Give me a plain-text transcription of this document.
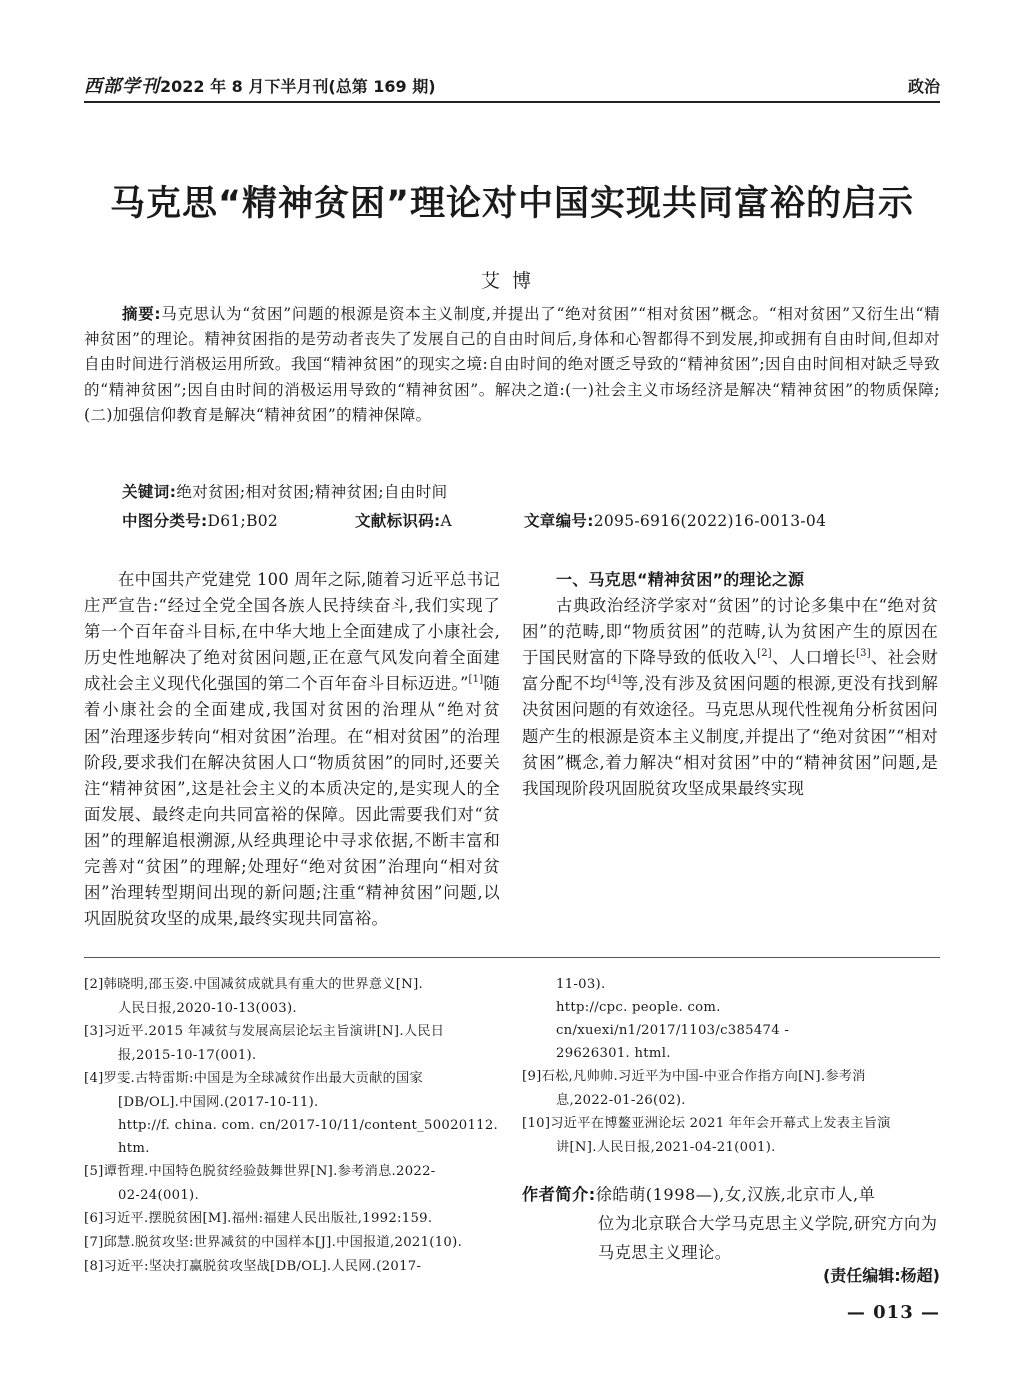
西部学刊 2022 年 8 月下半月刊(总第 169 期)	政治
马克思“精神贫困”理论对中国实现共同富裕的启示
艾博
摘要:马克思认为“贫困”问题的根源是资本主义制度,并提出了“绝对贫困”“相对贫困”概念。“相对贫困”又衍生出“精神贫困”的理论。精神贫困指的是劳动者丧失了发展自己的自由时间后,身体和心智都得不到发展,抑或拥有自由时间,但却对自由时间进行消极运用所致。我国“精神贫困”的现实之境:自由时间的绝对匮乏导致的“精神贫困”;因自由时间相对缺乏导致的“精神贫困”;因自由时间的消极运用导致的“精神贫困”。解决之道:(一)社会主义市场经济是解决“精神贫困”的物质保障;(二)加强信仰教育是解决“精神贫困”的精神保障。
关键词:绝对贫困;相对贫困;精神贫困;自由时间
中图分类号:D61;B02	文献标识码:A	文章编号:2095-6916(2022)16-0013-04

在中国共产党建党 100 周年之际,随着习近平总书记庄严宣告:“经过全党全国各族人民持续奋斗,我们实现了第一个百年奋斗目标,在中华大地上全面建成了小康社会,历史性地解决了绝对贫困问题,正在意气风发向着全面建成社会主义现代化强国的第二个百年奋斗目标迈进。”[1]随着小康社会的全面建成,我国对贫困的治理从“绝对贫困”治理逐步转向“相对贫困”治理。在“相对贫困”的治理阶段,要求我们在解决贫困人口“物质贫困”的同时,还要关注“精神贫困”,这是社会主义的本质决定的,是实现人的全面发展、最终走向共同富裕的保障。因此需要我们对“贫困”的理解追根溯源,从经典理论中寻求依据,不断丰富和完善对“贫困”的理解;处理好“绝对贫困”治理向“相对贫困”治理转型期间出现的新问题;注重“精神贫困”问题,以巩固脱贫攻坚的成果,最终实现共同富裕。

一、马克思“精神贫困”的理论之源

古典政治经济学家对“贫困”的讨论多集中在“绝对贫困”的范畴,即“物质贫困”的范畴,认为贫困产生的原因在于国民财富的下降导致的低收入[2]、人口增长[3]、社会财富分配不均[4]等,没有涉及贫困问题的根源,更没有找到解决贫困问题的有效途径。马克思从现代性视角分析贫困问题产生的根源是资本主义制度,并提出了“绝对贫困”“相对贫困”概念,着力解决“相对贫困”中的“精神贫困”问题,是我国现阶段巩固脱贫攻坚成果最终实现

[2]韩晓明,邵玉姿.中国减贫成就具有重大的世界意义[N].
人民日报,2020-10-13(003).
[3]习近平.2015 年减贫与发展高层论坛主旨演讲[N].人民日
报,2015-10-17(001).
[4]罗雯.古特雷斯:中国是为全球减贫作出最大贡献的国家
[DB/OL].中国网.(2017-10-11).
http://f. china. com. cn/2017-10/11/content_50020112. htm.
[5]谭哲理.中国特色脱贫经验鼓舞世界[N].参考消息.2022-
02-24(001).
[6]习近平.摆脱贫困[M].福州:福建人民出版社,1992:159.
[7]邱慧.脱贫攻坚:世界减贫的中国样本[J].中国报道,2021(10).
[8]习近平:坚决打赢脱贫攻坚战[DB/OL].人民网.(2017-
11-03).
http://cpc. people. com. cn/xuexi/n1/2017/1103/c385474 -
29626301. html.
[9]石松,凡帅帅.习近平为中国-中亚合作指方向[N].参考消
息,2022-01-26(02).
[10]习近平在博鳌亚洲论坛 2021 年年会开幕式上发表主旨演
讲[N].人民日报,2021-04-21(001).
作者简介:徐皓萌(1998—),女,汉族,北京市人,单
位为北京联合大学马克思主义学院,研究方向为马克思主义理论。
(责任编辑:杨超)
— 013 —
